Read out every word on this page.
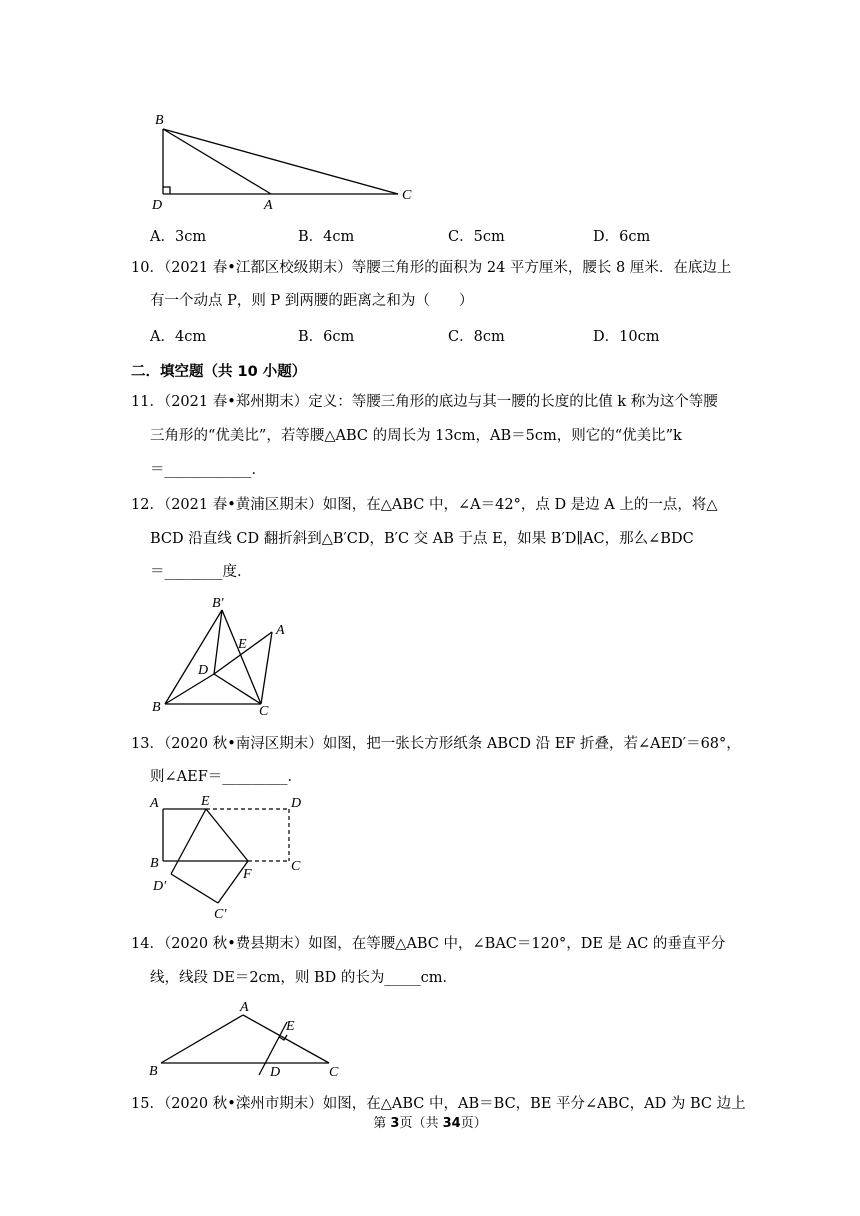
B
D	A
C
A．3cm	B．4cm	C．5cm	D．6cm
10．（2021 春•江都区校级期末）等腰三角形的面积为 24 平方厘米，腰长 8 厘米．在底边上
有一个动点 P，则 P 到两腰的距离之和为（　　）
A．4cm	B．6cm	C．8cm	D．10cm
二．填空题（共 10 小题）
11．（2021 春•郑州期末）定义：等腰三角形的底边与其一腰的长度的比值 k 称为这个等腰
三角形的“优美比”，若等腰△ABC 的周长为 13cm，AB＝5cm，则它的“优美比”k
＝____________．
12．（2021 春•黄浦区期末）如图，在△ABC 中，∠A＝42°，点 D 是边 A 上的一点，将△
BCD 沿直线 CD 翻折斜到△B′CD，B′C 交 AB 于点 E，如果 B′D∥AC，那么∠BDC
＝________度．
B′
A
E
D
B	C
13．（2020 秋•南浔区期末）如图，把一张长方形纸条 ABCD 沿 EF 折叠，若∠AED′＝68°，
则∠AEF＝_________．
A	E	D
B	C
D′
F
C′
14．（2020 秋•费县期末）如图，在等腰△ABC 中，∠BAC＝120°，DE 是 AC 的垂直平分
线，线段 DE＝2cm，则 BD 的长为_____cm．
A
E
B	D	C
15．（2020 秋•滦州市期末）如图，在△ABC 中，AB＝BC，BE 平分∠ABC，AD 为 BC 边上
第 3页（共 34页）
